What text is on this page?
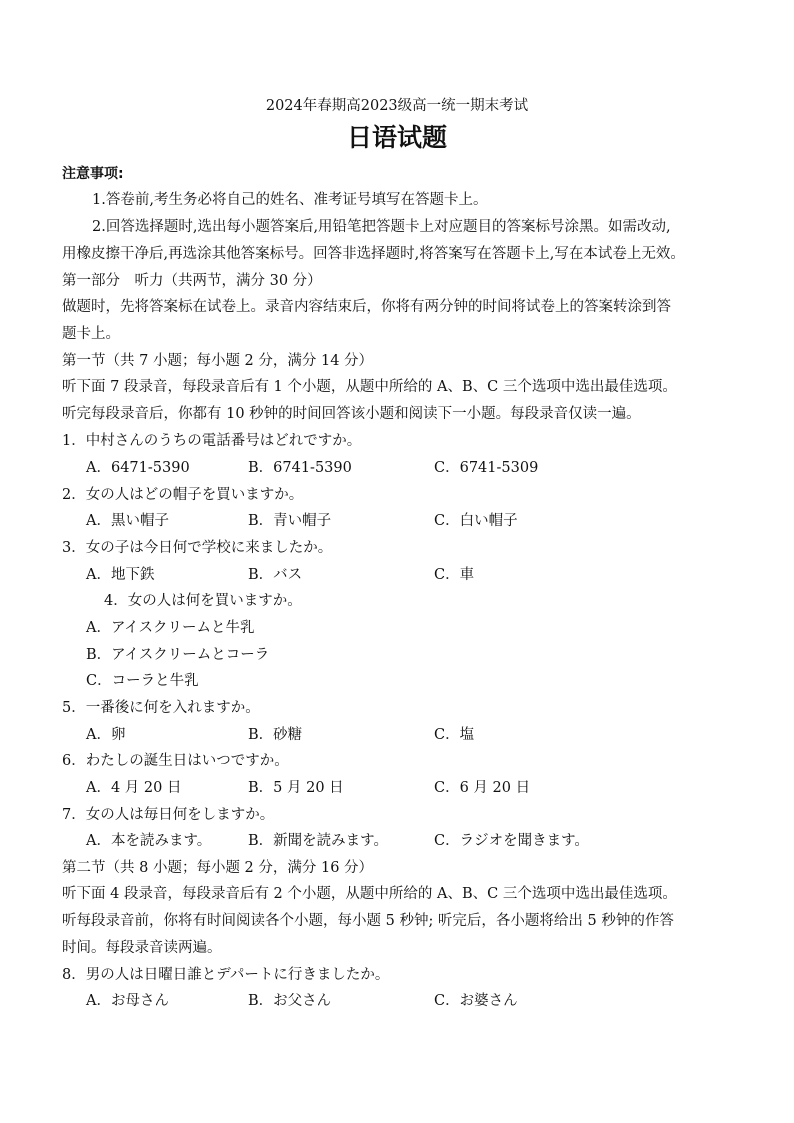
2024年春期高2023级高一统一期末考试
日语试题
注意事项:
1.答卷前,考生务必将自己的姓名、准考证号填写在答题卡上。
2.回答选择题时,选出每小题答案后,用铅笔把答题卡上对应题目的答案标号涂黑。如需改动,
用橡皮擦干净后,再选涂其他答案标号。回答非选择题时,将答案写在答题卡上,写在本试卷上无效。
第一部分　听力（共两节，满分 30 分）
做题时，先将答案标在试卷上。录音内容结束后，你将有两分钟的时间将试卷上的答案转涂到答
题卡上。
第一节（共 7 小题；每小题 2 分，满分 14 分）
听下面 7 段录音，每段录音后有 1 个小题，从题中所给的 A、B、C 三个选项中选出最佳选项。
听完每段录音后，你都有 10 秒钟的时间回答该小题和阅读下一小题。每段录音仅读一遍。
1．中村さんのうちの電話番号はどれですか。
A．6471-5390	B．6741-5390	C．6741-5309
2．女の人はどの帽子を買いますか。
A．黒い帽子	B．青い帽子	C．白い帽子
3．女の子は今日何で学校に来ましたか。
A．地下鉄	B．バス	C．車
4．女の人は何を買いますか。
A．アイスクリームと牛乳
B．アイスクリームとコーラ
C．コーラと牛乳
5．一番後に何を入れますか。
A．卵	B．砂糖	C．塩
6．わたしの誕生日はいつですか。
A．4 月 20 日	B．5 月 20 日	C．6 月 20 日
7．女の人は毎日何をしますか。
A．本を読みます。	B．新聞を読みます。	C．ラジオを聞きます。
第二节（共 8 小题；每小题 2 分，满分 16 分）
听下面 4 段录音，每段录音后有 2 个小题，从题中所给的 A、B、C 三个选项中选出最佳选项。
听每段录音前，你将有时间阅读各个小题，每小题 5 秒钟; 听完后，各小题将给出 5 秒钟的作答
时间。每段录音读两遍。
8．男の人は日曜日誰とデパートに行きましたか。
A．お母さん	B．お父さん	C．お婆さん
